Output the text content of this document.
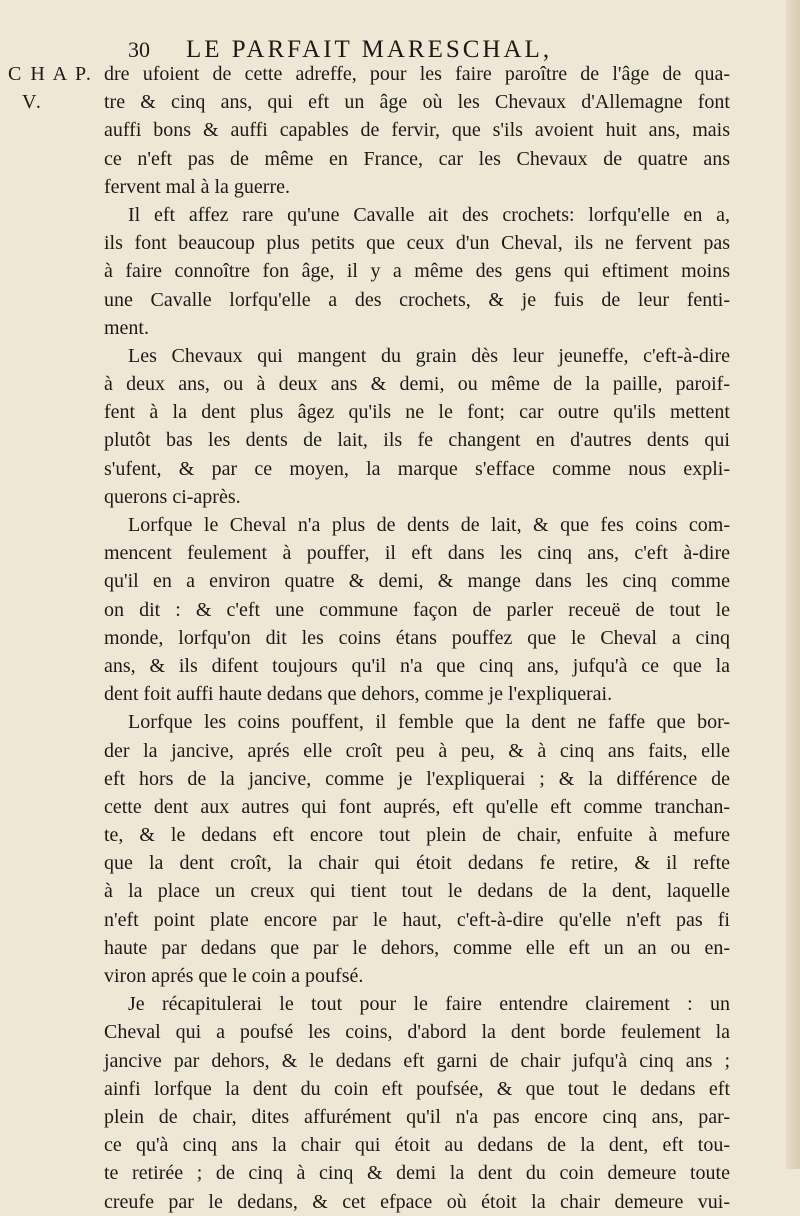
30 LE PARFAIT MARESCHAL,
C H A P.
V.
dre ufoient de cette adreffe, pour les faire paroître de l'âge de qua-
tre & cinq ans, qui eft un âge où les Chevaux d'Allemagne font
auffi bons & auffi capables de fervir, que s'ils avoient huit ans, mais
ce n'eft pas de même en France, car les Chevaux de quatre ans
fervent mal à la guerre.
Il eft affez rare qu'une Cavalle ait des crochets: lorfqu'elle en a,
ils font beaucoup plus petits que ceux d'un Cheval, ils ne fervent pas
à faire connoître fon âge, il y a même des gens qui eftiment moins
une Cavalle lorfqu'elle a des crochets, & je fuis de leur fenti-
ment.
Les Chevaux qui mangent du grain dès leur jeuneffe, c'eft-à-dire
à deux ans, ou à deux ans & demi, ou même de la paille, paroif-
fent à la dent plus âgez qu'ils ne le font; car outre qu'ils mettent
plutôt bas les dents de lait, ils fe changent en d'autres dents qui
s'ufent, & par ce moyen, la marque s'efface comme nous expli-
querons ci-après.
Lorfque le Cheval n'a plus de dents de lait, & que fes coins com-
mencent feulement à pouffer, il eft dans les cinq ans, c'eft à-dire
qu'il en a environ quatre & demi, & mange dans les cinq comme
on dit : & c'eft une commune façon de parler receuë de tout le
monde, lorfqu'on dit les coins étans pouffez que le Cheval a cinq
ans, & ils difent toujours qu'il n'a que cinq ans, jufqu'à ce que la
dent foit auffi haute dedans que dehors, comme je l'expliquerai.
Lorfque les coins pouffent, il femble que la dent ne faffe que bor-
der la jancive, aprés elle croît peu à peu, & à cinq ans faits, elle
eft hors de la jancive, comme je l'expliquerai ; & la différence de
cette dent aux autres qui font auprés, eft qu'elle eft comme tranchan-
te, & le dedans eft encore tout plein de chair, enfuite à mefure
que la dent croît, la chair qui étoit dedans fe retire, & il refte
à la place un creux qui tient tout le dedans de la dent, laquelle
n'eft point plate encore par le haut, c'eft-à-dire qu'elle n'eft pas fi
haute par dedans que par le dehors, comme elle eft un an ou en-
viron aprés que le coin a poufsé.
Je récapitulerai le tout pour le faire entendre clairement : un
Cheval qui a poufsé les coins, d'abord la dent borde feulement la
jancive par dehors, & le dedans eft garni de chair jufqu'à cinq ans ;
ainfi lorfque la dent du coin eft poufsée, & que tout le dedans eft
plein de chair, dites affurément qu'il n'a pas encore cinq ans, par-
ce qu'à cinq ans la chair qui étoit au dedans de la dent, eft tou-
te retirée ; de cinq à cinq & demi la dent du coin demeure toute
creufe par le dedans, & cet efpace où étoit la chair demeure vui-
